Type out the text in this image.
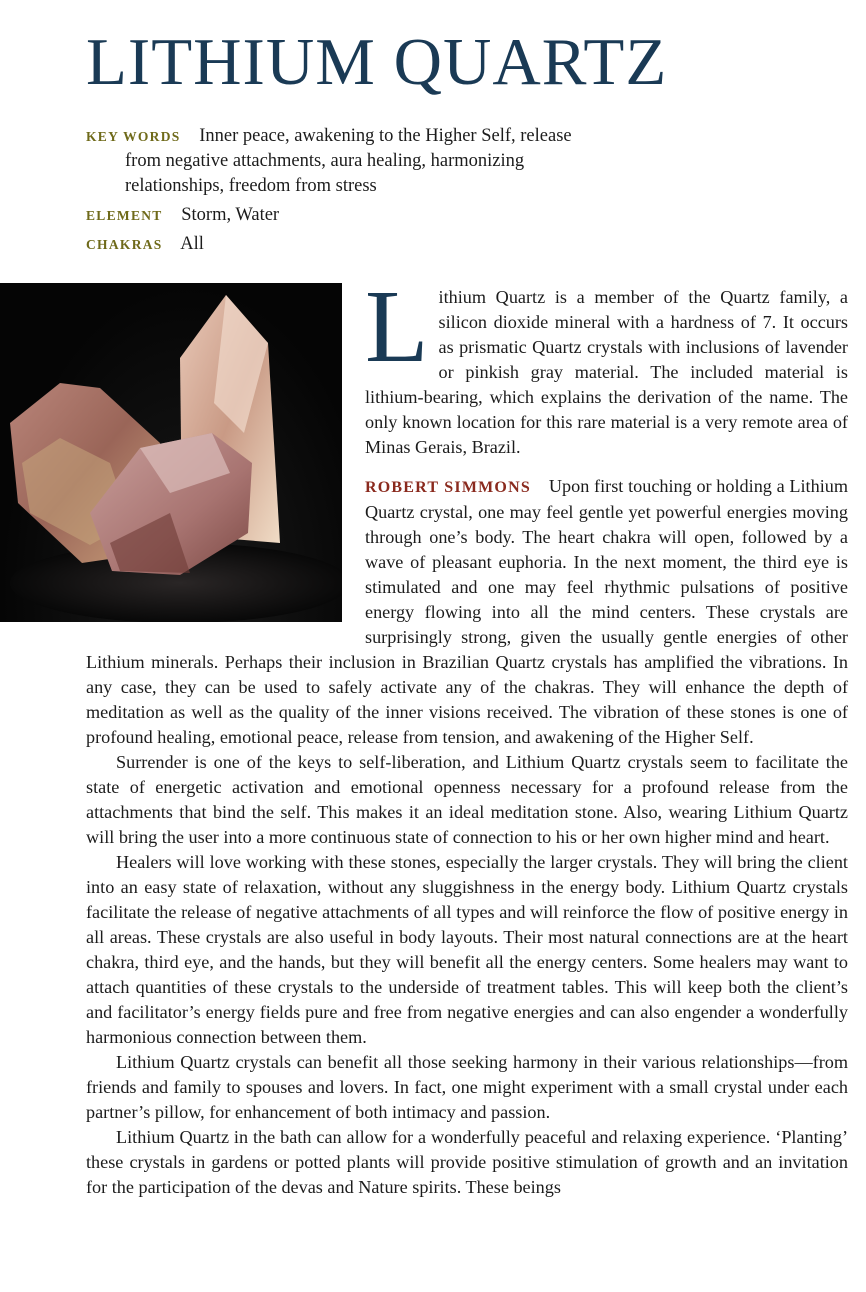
LITHIUM QUARTZ
KEY WORDS Inner peace, awakening to the Higher Self, release
from negative attachments, aura healing, harmonizing
relationships, freedom from stress
ELEMENT Storm, Water
CHAKRAS All

Lithium Quartz is a member of the Quartz family, a silicon dioxide mineral with a hardness of 7. It occurs as prismatic Quartz crystals with inclusions of lavender or pinkish gray material. The included material is lithium-bearing, which explains the derivation of the name. The only known location for this rare material is a very remote area of Minas Gerais, Brazil.

ROBERT SIMMONS Upon first touching or holding a Lithium Quartz crystal, one may feel gentle yet powerful energies moving through one’s body. The heart chakra will open, followed by a wave of pleasant euphoria. In the next moment, the third eye is stimulated and one may feel rhythmic pulsations of positive energy flowing into all the mind centers. These crystals are surprisingly strong, given the usually gentle energies of other Lithium minerals. Perhaps their inclusion in Brazilian Quartz crystals has amplified the vibrations. In any case, they can be used to safely activate any of the chakras. They will enhance the depth of meditation as well as the quality of the inner visions received. The vibration of these stones is one of profound healing, emotional peace, release from tension, and awakening of the Higher Self.

Surrender is one of the keys to self-liberation, and Lithium Quartz crystals seem to facilitate the state of energetic activation and emotional openness necessary for a profound release from the attachments that bind the self. This makes it an ideal meditation stone. Also, wearing Lithium Quartz will bring the user into a more continuous state of connection to his or her own higher mind and heart.

Healers will love working with these stones, especially the larger crystals. They will bring the client into an easy state of relaxation, without any sluggishness in the energy body. Lithium Quartz crystals facilitate the release of negative attachments of all types and will reinforce the flow of positive energy in all areas. These crystals are also useful in body layouts. Their most natural connections are at the heart chakra, third eye, and the hands, but they will benefit all the energy centers. Some healers may want to attach quantities of these crystals to the underside of treatment tables. This will keep both the client’s and facilitator’s energy fields pure and free from negative energies and can also engender a wonderfully harmonious connection between them.

Lithium Quartz crystals can benefit all those seeking harmony in their various relationships—from friends and family to spouses and lovers. In fact, one might experiment with a small crystal under each partner’s pillow, for enhancement of both intimacy and passion.

Lithium Quartz in the bath can allow for a wonderfully peaceful and relaxing experience. ‘Planting’ these crystals in gardens or potted plants will provide positive stimulation of growth and an invitation for the participation of the devas and Nature spirits. These beings
